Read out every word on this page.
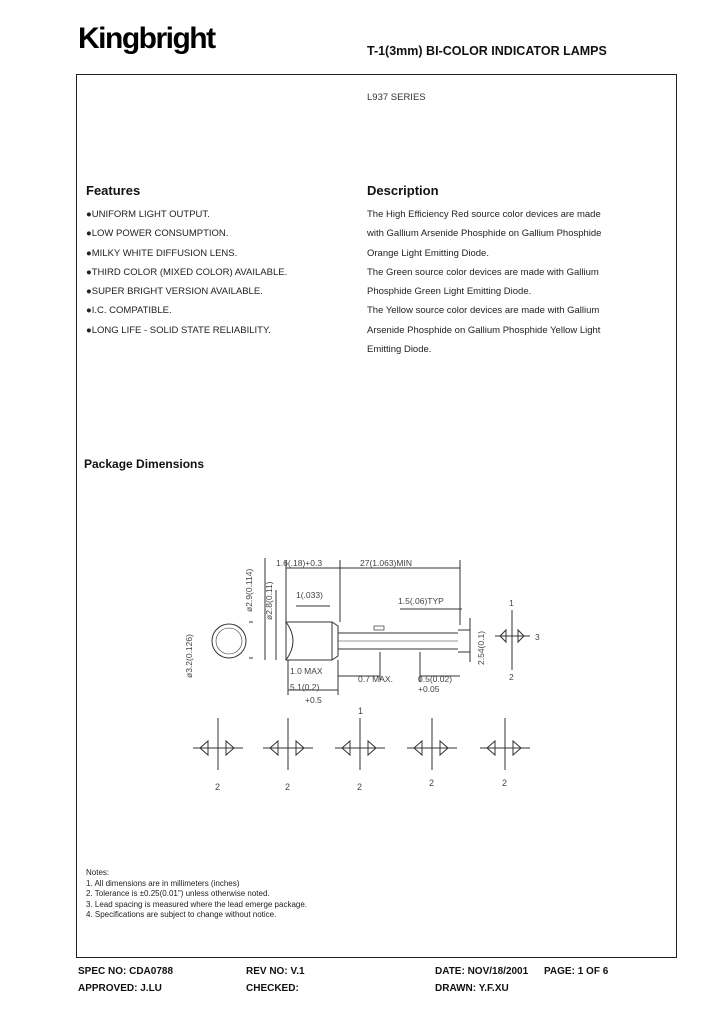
Kingbright	T-1(3mm) BI-COLOR INDICATOR LAMPS
L937 SERIES
Features
●UNIFORM LIGHT OUTPUT.
●LOW POWER CONSUMPTION.
●MILKY WHITE DIFFUSION LENS.
●THIRD COLOR (MIXED COLOR) AVAILABLE.
●SUPER BRIGHT VERSION AVAILABLE.
●I.C. COMPATIBLE.
●LONG LIFE - SOLID STATE RELIABILITY.
Description
The High Efficiency Red source color devices are made
with Gallium Arsenide Phosphide on Gallium Phosphide
Orange Light Emitting Diode.
The Green source color devices are made with Gallium
Phosphide Green Light Emitting Diode.
The Yellow source color devices are made with Gallium
Arsenide Phosphide on Gallium Phosphide Yellow Light
Emitting Diode.
Package Dimensions
1.6(.18)+0.3	27(1.063)MIN
1(.033)
1.5(.06)TYP
ø2.9(0.114) ø2.8(0.11)
ø3.2(0.126)	1.0 MAX
5.1(0.2)
+0.5
0.7 MAX.	0.5(0.02)
+0.05
2.54(0.1)
1
2
3
1
2	2
2	2	2
Notes:
1. All dimensions are in millimeters (inches)
2. Tolerance is ±0.25(0.01") unless otherwise noted.
3. Lead spacing is measured where the lead emerge package.
4. Specifications are subject to change without notice.
SPEC NO: CDA0788	REV NO: V.1	DATE: NOV/18/2001 PAGE: 1 OF 6
APPROVED: J.LU	CHECKED:	DRAWN: Y.F.XU
